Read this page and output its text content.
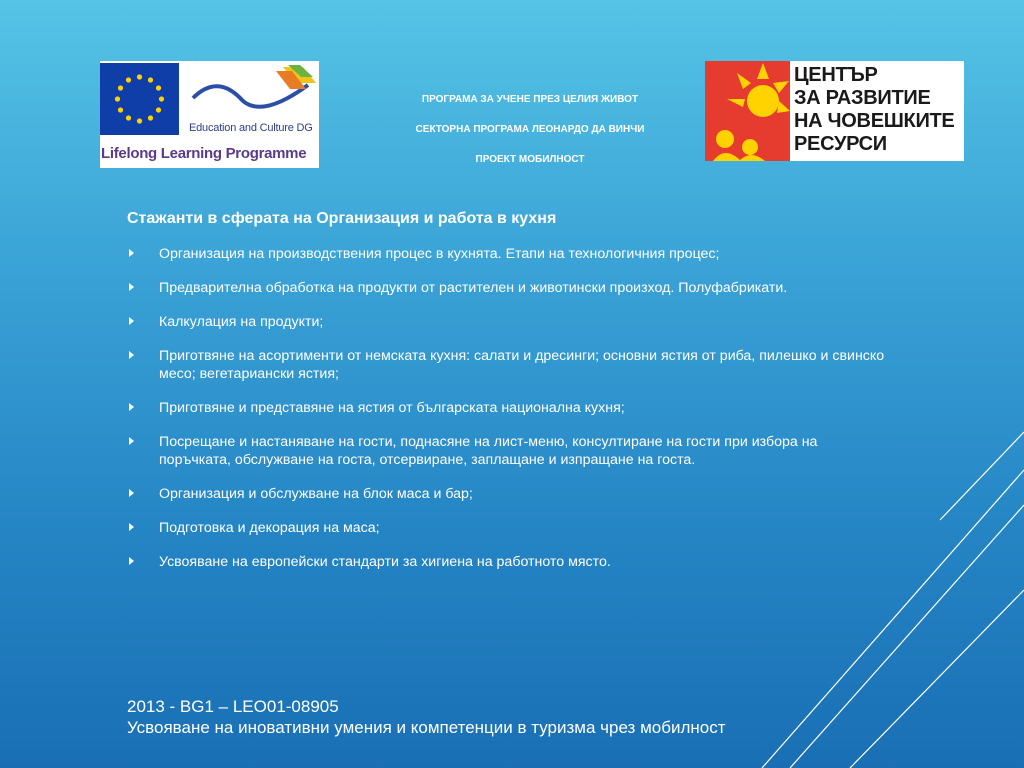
Education and Culture DG
Lifelong Learning Programme
ПРОГРАМА ЗА УЧЕНЕ ПРЕЗ ЦЕЛИЯ ЖИВОТ
СЕКТОРНА ПРОГРАМА ЛЕОНАРДО ДА ВИНЧИ
ПРОЕКТ МОБИЛНОСТ
ЦЕНТЪР
ЗА РАЗВИТИЕ
НА ЧОВЕШКИТЕ
РЕСУРСИ
Стажанти в сферата на Организация и работа в кухня
Организация на производствения процес в кухнята. Етапи на технологичния процес;
Предварителна обработка на продукти от растителен и животински произход. Полуфабрикати.
Калкулация на продукти;
Приготвяне на асортименти от немската кухня: салати и дресинги; основни ястия от риба, пилешко и свинско месо; вегетариански ястия;
Приготвяне и представяне на ястия от българската национална кухня;
Посрещане и настаняване на гости, поднасяне на лист-меню, консултиране на гости при избора на поръчката, обслужване на госта, отсервиране, заплащане и изпращане на госта.
Организация и обслужване на блок маса и бар;
Подготовка и декорация на маса;
Усвояване на европейски стандарти за хигиена на работното място.
2013 - BG1 – LEO01-08905
Усвояване на иновативни умения и компетенции в туризма чрез мобилност
